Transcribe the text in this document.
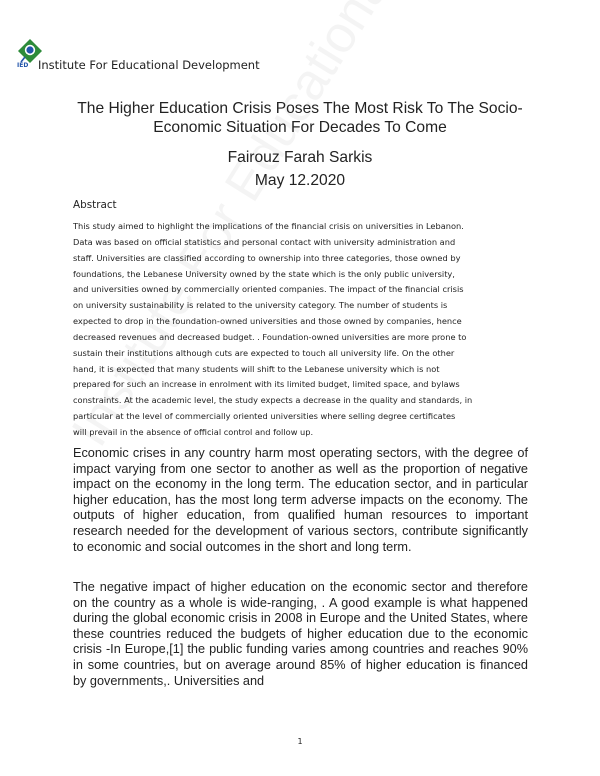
IED Institute For Educational Development
The Higher Education Crisis Poses The Most Risk To The Socio-Economic Situation For Decades To Come
Fairouz Farah Sarkis
May 12.2020
Abstract
This study aimed to highlight the implications of the financial crisis on universities in Lebanon.
Data was based on official statistics and personal contact with university administration and
staff. Universities are classified according to ownership into three categories, those owned by
foundations, the Lebanese University owned by the state which is the only public university,
and universities owned by commercially oriented companies. The impact of the financial crisis
on university sustainability is related to the university category. The number of students is
expected to drop in the foundation-owned universities and those owned by companies, hence
decreased revenues and decreased budget. . Foundation-owned universities are more prone to
sustain their institutions although cuts are expected to touch all university life. On the other
hand, it is expected that many students will shift to the Lebanese university which is not
prepared for such an increase in enrolment with its limited budget, limited space, and bylaws
constraints. At the academic level, the study expects a decrease in the quality and standards, in
particular at the level of commercially oriented universities where selling degree certificates
will prevail in the absence of official control and follow up.

Economic crises in any country harm most operating sectors, with the degree of impact varying from one sector to another as well as the proportion of negative impact on the economy in the long term. The education sector, and in particular higher education, has the most long term adverse impacts on the economy. The outputs of higher education, from qualified human resources to important research needed for the development of various sectors, contribute significantly to economic and social outcomes in the short and long term.

The negative impact of higher education on the economic sector and therefore on the country as a whole is wide-ranging, . A good example is what happened during the global economic crisis in 2008 in Europe and the United States, where these countries reduced the budgets of higher education due to the economic crisis -In Europe,[1] the public funding varies among countries and reaches 90% in some countries, but on average around 85% of higher education is financed by governments,. Universities and

1
